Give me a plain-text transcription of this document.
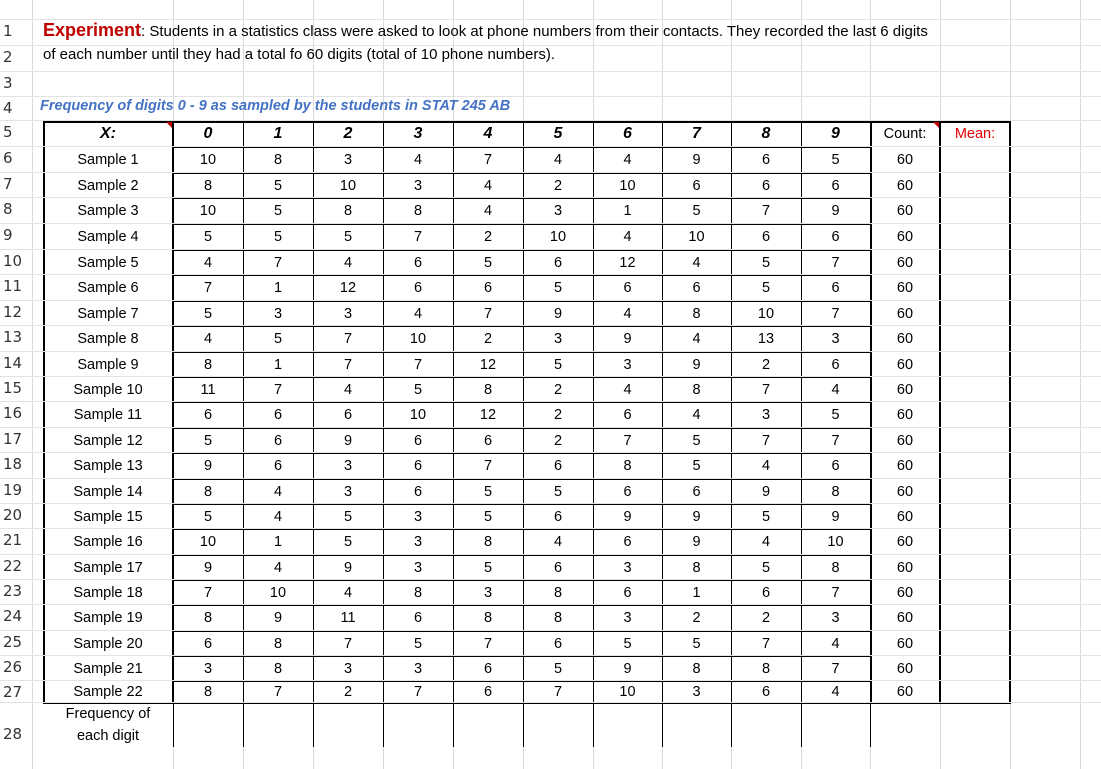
Experiment: Students in a statistics class were asked to look at phone numbers from their contacts. They recorded the last 6 digits
of each number until they had a total fo 60 digits (total of 10 phone numbers).
Frequency of digits 0 - 9 as sampled by the students in STAT 245 AB
X:	0	1	2	3	4	5	6	7	8	9	Count:	Mean:
Sample 1	10	8	3	4	7	4	4	9	6	5	60
Sample 2	8	5	10	3	4	2	10	6	6	6	60
Sample 3	10	5	8	8	4	3	1	5	7	9	60
Sample 4	5	5	5	7	2	10	4	10	6	6	60
Sample 5	4	7	4	6	5	6	12	4	5	7	60
Sample 6	7	1	12	6	6	5	6	6	5	6	60
Sample 7	5	3	3	4	7	9	4	8	10	7	60
Sample 8	4	5	7	10	2	3	9	4	13	3	60
Sample 9	8	1	7	7	12	5	3	9	2	6	60
Sample 10	11	7	4	5	8	2	4	8	7	4	60
Sample 11	6	6	6	10	12	2	6	4	3	5	60
Sample 12	5	6	9	6	6	2	7	5	7	7	60
Sample 13	9	6	3	6	7	6	8	5	4	6	60
Sample 14	8	4	3	6	5	5	6	6	9	8	60
Sample 15	5	4	5	3	5	6	9	9	5	9	60
Sample 16	10	1	5	3	8	4	6	9	4	10	60
Sample 17	9	4	9	3	5	6	3	8	5	8	60
Sample 18	7	10	4	8	3	8	6	1	6	7	60
Sample 19	8	9	11	6	8	8	3	2	2	3	60
Sample 20	6	8	7	5	7	6	5	5	7	4	60
Sample 21	3	8	3	3	6	5	9	8	8	7	60
Sample 22	8	7	2	7	6	7	10	3	6	4	60
Frequency of
each digit
1
2
3
4
5
6
7
8
9
10
11
12
13
14
15
16
17
18
19
20
21
22
23
24
25
26
27
28
